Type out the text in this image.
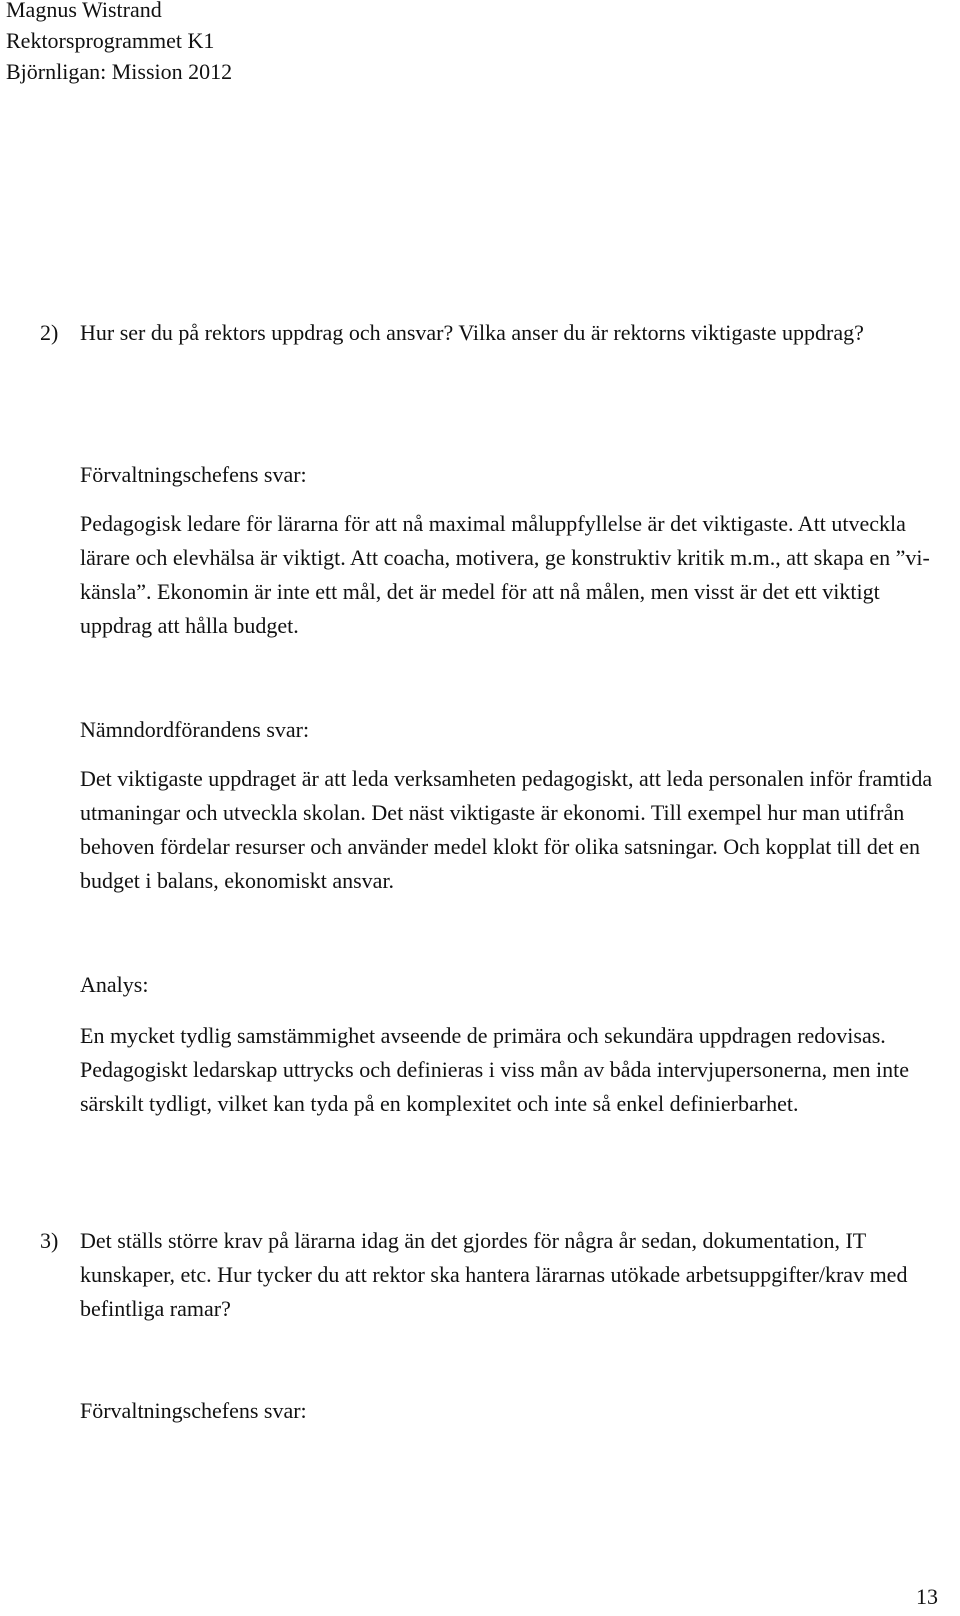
Magnus Wistrand
Rektorsprogrammet K1
Björnligan: Mission 2012
2) Hur ser du på rektors uppdrag och ansvar? Vilka anser du är rektorns viktigaste uppdrag?
Förvaltningschefens svar:
Pedagogisk ledare för lärarna för att nå maximal måluppfyllelse är det viktigaste. Att utveckla lärare och elevhälsa är viktigt. Att coacha, motivera, ge konstruktiv kritik m.m., att skapa en ”vi-känsla”. Ekonomin är inte ett mål, det är medel för att nå målen, men visst är det ett viktigt uppdrag att hålla budget.
Nämndordförandens svar:
Det viktigaste uppdraget är att leda verksamheten pedagogiskt, att leda personalen inför framtida utmaningar och utveckla skolan. Det näst viktigaste är ekonomi. Till exempel hur man utifrån behoven fördelar resurser och använder medel klokt för olika satsningar. Och kopplat till det en budget i balans, ekonomiskt ansvar.
Analys:
En mycket tydlig samstämmighet avseende de primära och sekundära uppdragen redovisas. Pedagogiskt ledarskap uttrycks och definieras i viss mån av båda intervjupersonerna, men inte särskilt tydligt, vilket kan tyda på en komplexitet och inte så enkel definierbarhet.
3) Det ställs större krav på lärarna idag än det gjordes för några år sedan, dokumentation, IT kunskaper, etc. Hur tycker du att rektor ska hantera lärarnas utökade arbetsuppgifter/krav med befintliga ramar?
Förvaltningschefens svar:
13
